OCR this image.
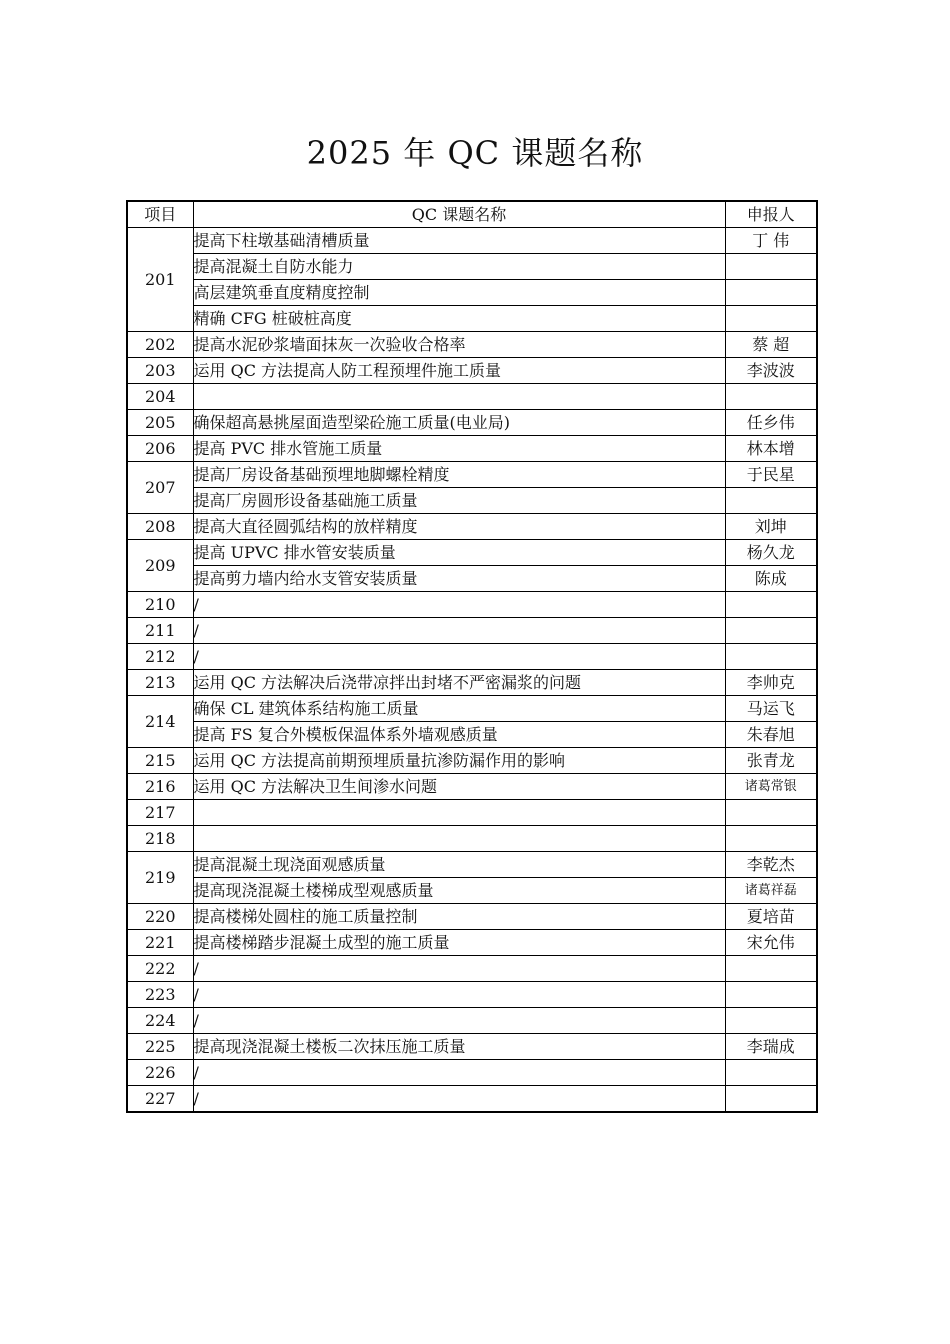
2025 年 QC 课题名称
项目	QC 课题名称	申报人
201	提高下柱墩基础清槽质量	丁 伟
	提高混凝土自防水能力	
	高层建筑垂直度精度控制	
	精确 CFG 桩破桩高度	
202	提高水泥砂浆墙面抹灰一次验收合格率	蔡 超
203	运用 QC 方法提高人防工程预埋件施工质量	李波波
204		
205	确保超高悬挑屋面造型梁砼施工质量(电业局)	任乡伟
206	提高 PVC 排水管施工质量	林本增
207	提高厂房设备基础预埋地脚螺栓精度	于民星
	提高厂房圆形设备基础施工质量	
208	提高大直径圆弧结构的放样精度	刘坤
209	提高 UPVC 排水管安装质量	杨久龙
	提高剪力墙内给水支管安装质量	陈成
210	/	
211	/	
212	/	
213	运用 QC 方法解决后浇带凉拌出封堵不严密漏浆的问题	李帅克
214	确保 CL 建筑体系结构施工质量	马运飞
	提高 FS 复合外模板保温体系外墙观感质量	朱春旭
215	运用 QC 方法提高前期预埋质量抗渗防漏作用的影响	张青龙
216	运用 QC 方法解决卫生间渗水问题	诸葛常银
217		
218		
219	提高混凝土现浇面观感质量	李乾杰
	提高现浇混凝土楼梯成型观感质量	诸葛祥磊
220	提高楼梯处圆柱的施工质量控制	夏培苗
221	提高楼梯踏步混凝土成型的施工质量	宋允伟
222	/	
223	/	
224	/	
225	提高现浇混凝土楼板二次抹压施工质量	李瑞成
226	/	
227	/	
